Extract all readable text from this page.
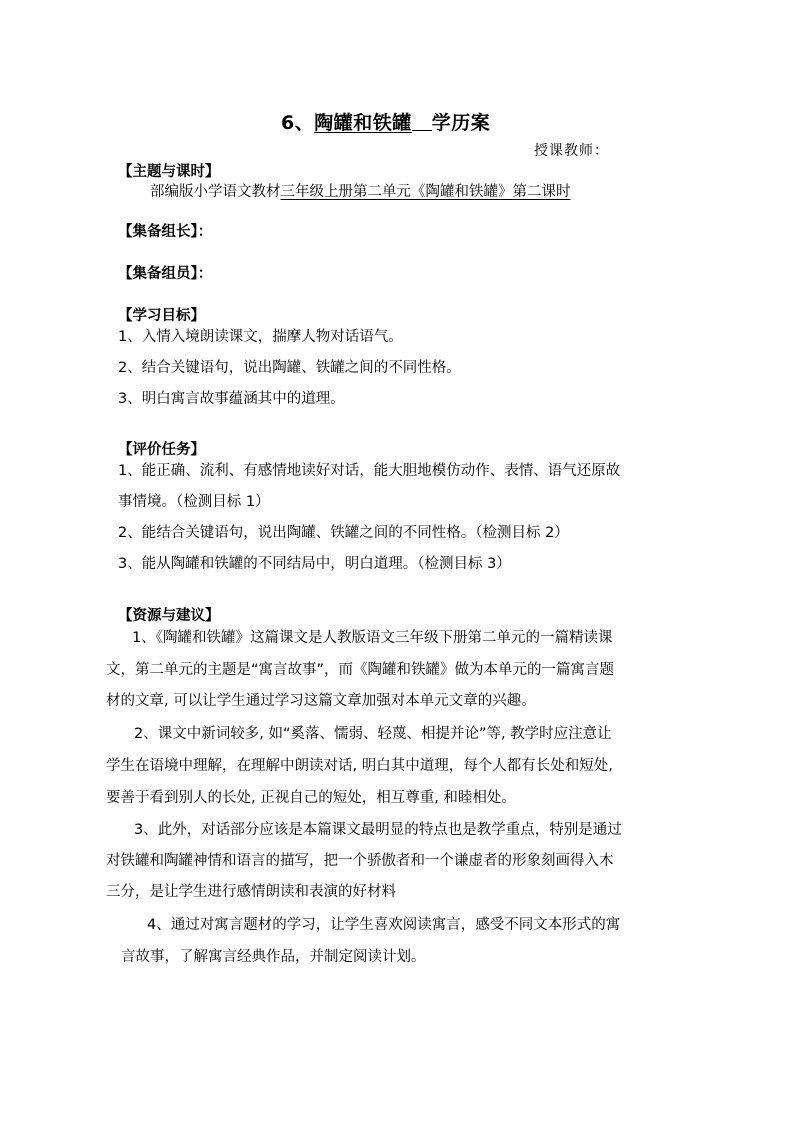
6、陶罐和铁罐 学历案
授课教师：
【主题与课时】
部编版小学语文教材三年级上册第二单元《陶罐和铁罐》第二课时
【集备组长】：
【集备组员】：
【学习目标】
1、入情入境朗读课文，揣摩人物对话语气。
2、结合关键语句，说出陶罐、铁罐之间的不同性格。
3、明白寓言故事蕴涵其中的道理。
【评价任务】
1、能正确、流利、有感情地读好对话，能大胆地模仿动作、表情、语气还原故
事情境。（检测目标 1）
2、能结合关键语句，说出陶罐、铁罐之间的不同性格。（检测目标 2）
3、能从陶罐和铁罐的不同结局中，明白道理。（检测目标 3）
【资源与建议】
1、《陶罐和铁罐》这篇课文是人教版语文三年级下册第二单元的一篇精读课
文，第二单元的主题是“寓言故事”，而《陶罐和铁罐》做为本单元的一篇寓言题
材的文章, 可以让学生通过学习这篇文章加强对本单元文章的兴趣。
2、课文中新词较多, 如“奚落、懦弱、轻蔑、相提并论”等, 教学时应注意让
学生在语境中理解，在理解中朗读对话, 明白其中道理，每个人都有长处和短处,
要善于看到别人的长处, 正视自己的短处，相互尊重, 和睦相处。
3、此外，对话部分应该是本篇课文最明显的特点也是教学重点，特别是通过
对铁罐和陶罐神情和语言的描写，把一个骄傲者和一个谦虚者的形象刻画得入木
三分，是让学生进行感情朗读和表演的好材料
4、通过对寓言题材的学习，让学生喜欢阅读寓言，感受不同文本形式的寓
言故事，了解寓言经典作品，并制定阅读计划。
